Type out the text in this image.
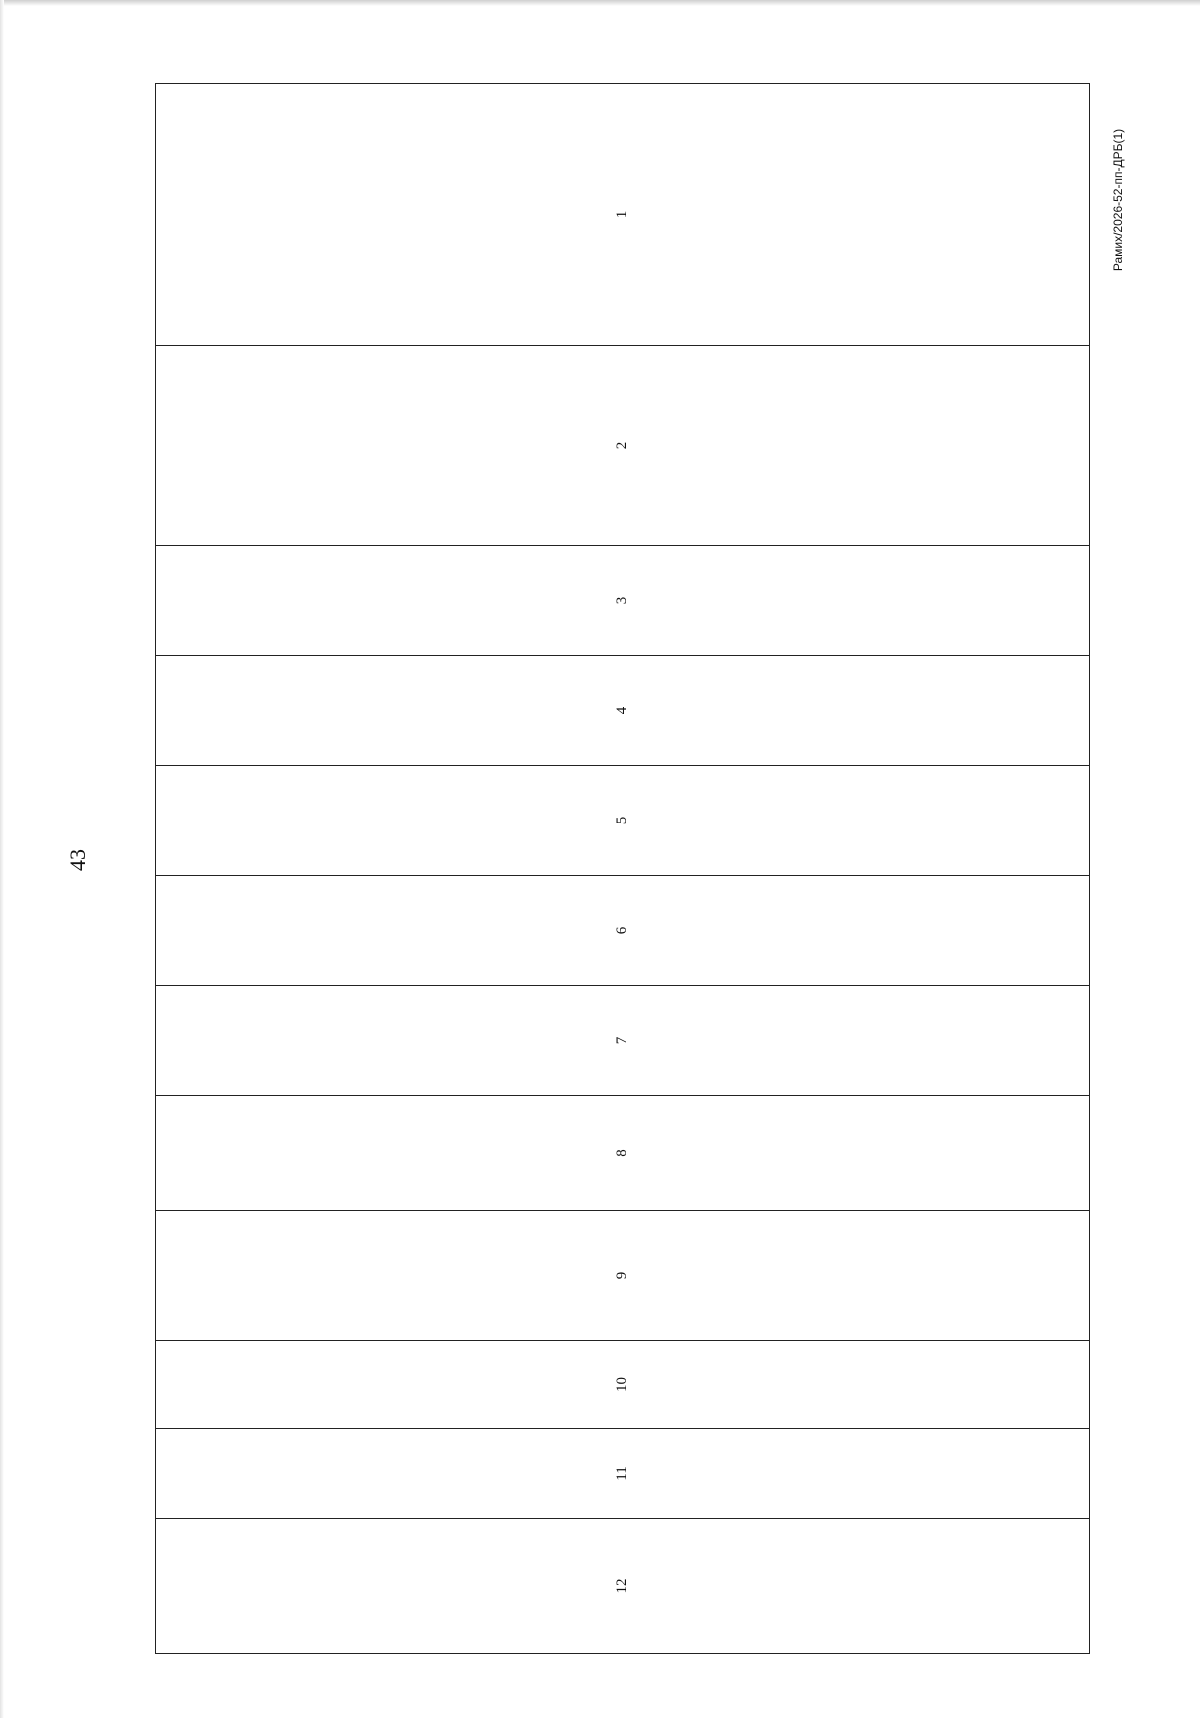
43
Рамих/2026-52-пп-ДРБ(1)
12	11	10	9	8	7	6	5	4	3	2	1
